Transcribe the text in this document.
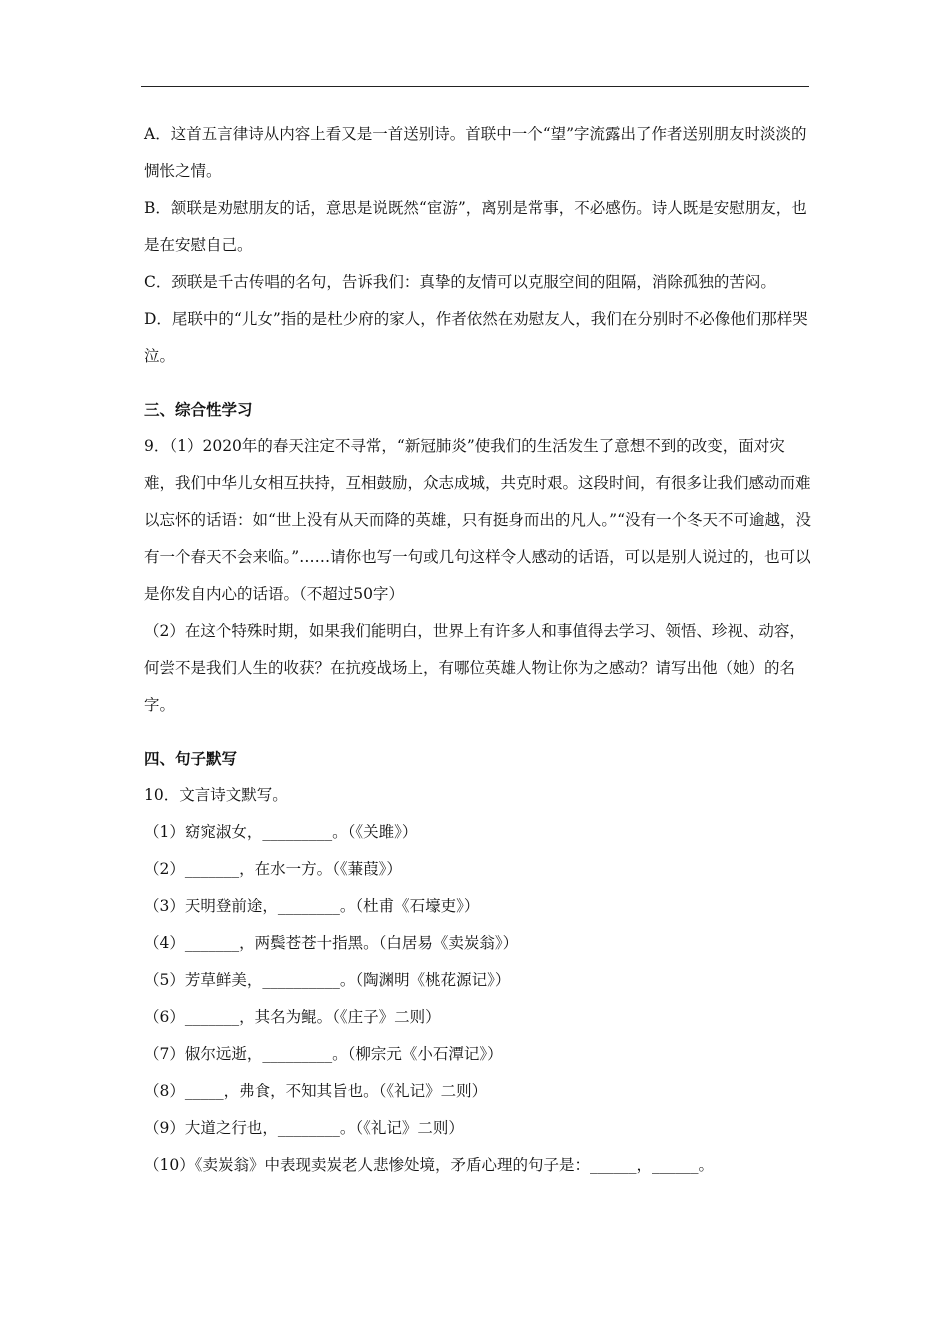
A．这首五言律诗从内容上看又是一首送别诗。首联中一个“望”字流露出了作者送别朋友时淡淡的惆怅之情。

B．颔联是劝慰朋友的话，意思是说既然“宦游”，离别是常事，不必感伤。诗人既是安慰朋友，也是在安慰自己。

C．颈联是千古传唱的名句，告诉我们：真挚的友情可以克服空间的阻隔，消除孤独的苦闷。

D．尾联中的“儿女”指的是杜少府的家人，作者依然在劝慰友人，我们在分别时不必像他们那样哭泣。

三、综合性学习

9．（1）2020年的春天注定不寻常，“新冠肺炎”使我们的生活发生了意想不到的改变，面对灾难，我们中华儿女相互扶持，互相鼓励，众志成城，共克时艰。这段时间，有很多让我们感动而难以忘怀的话语：如“世上没有从天而降的英雄，只有挺身而出的凡人。”“没有一个冬天不可逾越，没有一个春天不会来临。”……请你也写一句或几句这样令人感动的话语，可以是别人说过的，也可以是你发自内心的话语。（不超过50字）

（2）在这个特殊时期，如果我们能明白，世界上有许多人和事值得去学习、领悟、珍视、动容，何尝不是我们人生的收获？在抗疫战场上，有哪位英雄人物让你为之感动？请写出他（她）的名字。

四、句子默写

10．文言诗文默写。

（1）窈窕淑女，_________。（《关雎》）

（2）_______，在水一方。（《蒹葭》）

（3）天明登前途，________。（杜甫《石壕吏》）

（4）_______，两鬓苍苍十指黑。（白居易《卖炭翁》）

（5）芳草鲜美，__________。（陶渊明《桃花源记》）

（6）_______，其名为鲲。（《庄子》二则）

（7）俶尔远逝，_________。（柳宗元《小石潭记》）

（8）_____，弗食，不知其旨也。（《礼记》二则）

（9）大道之行也，________。（《礼记》二则）

（10）《卖炭翁》中表现卖炭老人悲惨处境，矛盾心理的句子是：______，______。
